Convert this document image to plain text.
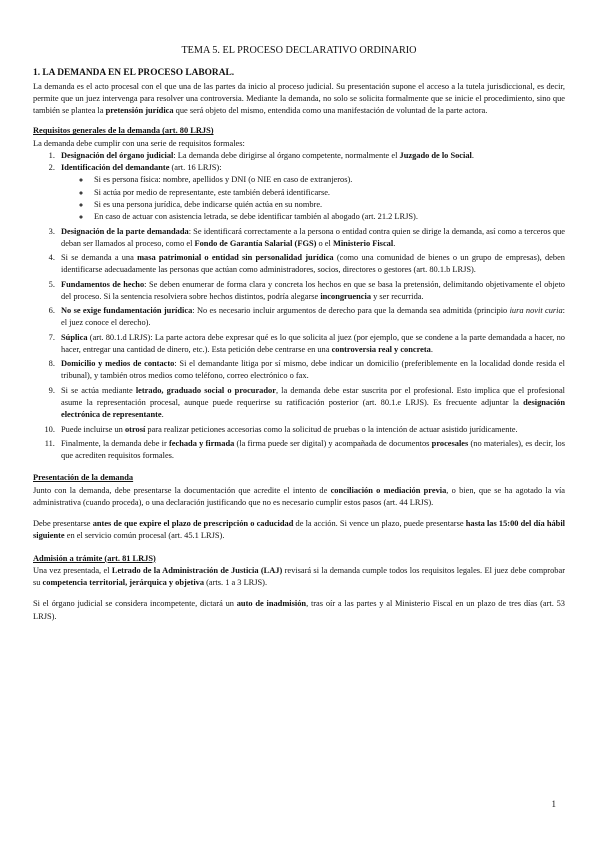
TEMA 5. EL PROCESO DECLARATIVO ORDINARIO
1. LA DEMANDA EN EL PROCESO LABORAL.

La demanda es el acto procesal con el que una de las partes da inicio al proceso judicial. Su presentación supone el acceso a la tutela jurisdiccional, es decir, permite que un juez intervenga para resolver una controversia. Mediante la demanda, no solo se solicita formalmente que se inicie el procedimiento, sino que también se plantea la pretensión jurídica que será objeto del mismo, entendida como una manifestación de voluntad de la parte actora.

Requisitos generales de la demanda (art. 80 LRJS)

La demanda debe cumplir con una serie de requisitos formales:

1. Designación del órgano judicial: La demanda debe dirigirse al órgano competente, normalmente el Juzgado de lo Social.
2. Identificación del demandante (art. 16 LRJS):
◦ Si es persona física: nombre, apellidos y DNI (o NIE en caso de extranjeros).
◦ Si actúa por medio de representante, este también deberá identificarse.
◦ Si es una persona jurídica, debe indicarse quién actúa en su nombre.
◦ En caso de actuar con asistencia letrada, se debe identificar también al abogado (art. 21.2 LRJS).
3. Designación de la parte demandada: Se identificará correctamente a la persona o entidad contra quien se dirige la demanda, así como a terceros que deban ser llamados al proceso, como el Fondo de Garantía Salarial (FGS) o el Ministerio Fiscal.
4. Si se demanda a una masa patrimonial o entidad sin personalidad jurídica (como una comunidad de bienes o un grupo de empresas), deben identificarse adecuadamente las personas que actúan como administradores, socios, directores o gestores (art. 80.1.b LRJS).
5. Fundamentos de hecho: Se deben enumerar de forma clara y concreta los hechos en que se basa la pretensión, delimitando objetivamente el objeto del proceso. Si la sentencia resolviera sobre hechos distintos, podría alegarse incongruencia y ser recurrida.
6. No se exige fundamentación jurídica: No es necesario incluir argumentos de derecho para que la demanda sea admitida (principio iura novit curia: el juez conoce el derecho).
7. Súplica (art. 80.1.d LRJS): La parte actora debe expresar qué es lo que solicita al juez (por ejemplo, que se condene a la parte demandada a hacer, no hacer, entregar una cantidad de dinero, etc.). Esta petición debe centrarse en una controversia real y concreta.
8. Domicilio y medios de contacto: Si el demandante litiga por sí mismo, debe indicar un domicilio (preferiblemente en la localidad donde resida el tribunal), y también otros medios como teléfono, correo electrónico o fax.
9. Si se actúa mediante letrado, graduado social o procurador, la demanda debe estar suscrita por el profesional. Esto implica que el profesional asume la representación procesal, aunque puede requerirse su ratificación posterior (art. 80.1.e LRJS). Es frecuente adjuntar la designación electrónica de representante.
10. Puede incluirse un otrosí para realizar peticiones accesorias como la solicitud de pruebas o la intención de actuar asistido jurídicamente.
11. Finalmente, la demanda debe ir fechada y firmada (la firma puede ser digital) y acompañada de documentos procesales (no materiales), es decir, los que acrediten requisitos formales.
Presentación de la demanda

Junto con la demanda, debe presentarse la documentación que acredite el intento de conciliación o mediación previa, o bien, que se ha agotado la vía administrativa (cuando proceda), o una declaración justificando que no es necesario cumplir estos pasos (art. 44 LRJS).

Debe presentarse antes de que expire el plazo de prescripción o caducidad de la acción. Si vence un plazo, puede presentarse hasta las 15:00 del día hábil siguiente en el servicio común procesal (art. 45.1 LRJS).

Admisión a trámite (art. 81 LRJS)

Una vez presentada, el Letrado de la Administración de Justicia (LAJ) revisará si la demanda cumple todos los requisitos legales. El juez debe comprobar su competencia territorial, jerárquica y objetiva (arts. 1 a 3 LRJS).

Si el órgano judicial se considera incompetente, dictará un auto de inadmisión, tras oír a las partes y al Ministerio Fiscal en un plazo de tres días (art. 53 LRJS).

1
